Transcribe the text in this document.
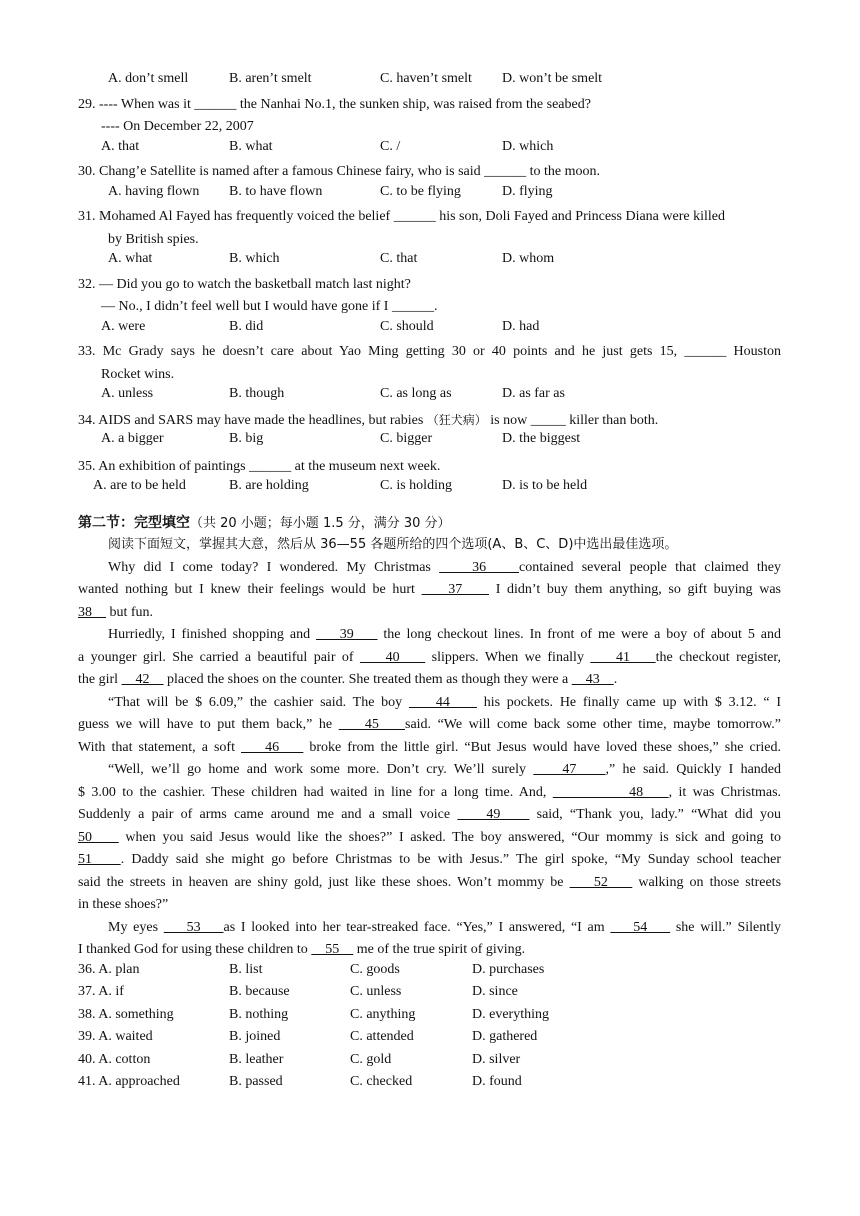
A. don’t smell	B. aren’t smelt	C. haven’t smelt D. won’t be smelt
29. ---- When was it ______ the Nanhai No.1, the sunken ship, was raised from the seabed?
---- On December 22, 2007
A. that	B. what	C. /	D. which
30. Chang’e Satellite is named after a famous Chinese fairy, who is said ______ to the moon.
A. having flown B. to have flown	C. to be flying	D. flying
31. Mohamed Al Fayed has frequently voiced the belief ______ his son, Doli Fayed and Princess Diana were killed
by British spies.
A. what	B. which	C. that	D. whom
32. — Did you go to watch the basketball match last night?
— No., I didn’t feel well but I would have gone if I ______.
A. were	B. did	C. should	D. had
33. Mc Grady says he doesn’t care about Yao Ming getting 30 or 40 points and he just gets 15, ______ Houston
Rocket wins.
A. unless	B. though	C. as long as	D. as far as
34. AIDS and SARS may have made the headlines, but rabies （狂犬病） is now _____ killer than both.
A. a bigger	B. big	C. bigger	D. the biggest
35. An exhibition of paintings ______ at the museum next week.
A. are to be held	B. are holding	C. is holding	D. is to be held
第二节：完型填空（共 20 小题；每小题 1.5 分，满分 30 分）
阅读下面短文，掌握其大意，然后从 36—55 各题所给的四个选项(A、B、C、D)中选出最佳选项。
Why did I come today? I wondered. My Christmas     36    contained several people that claimed they
wanted nothing but I knew their feelings would be hurt     37     I didn’t buy them anything, so gift buying was
38     but fun.
Hurriedly, I finished shopping and     39     the long checkout lines. In front of me were a boy of about 5 and
a younger girl. She carried a beautiful pair of     40     slippers. When we finally     41    the checkout register,
the girl     42     placed the shoes on the counter. She treated them as though they were a     43    .
“That will be $ 6.09,” the cashier said. The boy     44     his pockets. He finally came up with $ 3.12. “ I
guess we will have to put them back,” he     45    said. “We will come back some other time, maybe tomorrow.”
With that statement, a soft     46     broke from the little girl. “But Jesus would have loved these shoes,” she cried.
“Well, we’ll go home and work some more. Don’t cry. We’ll surely     47    ,” he said. Quickly I handed
$ 3.00 to the cashier. These children had waited in line for a long time. And,             48    , it was Christmas.
Suddenly a pair of arms came around me and a small voice     49     said, “Thank you, lady.” “What did you
50     when you said Jesus would like the shoes?” I asked. The boy answered, “Our mommy is sick and going to
51    . Daddy said she might go before Christmas to be with Jesus.” The girl spoke, “My Sunday school teacher
said the streets in heaven are shiny gold, just like these shoes. Won’t mommy be     52     walking on those streets
in these shoes?”
My eyes     53    as I looked into her tear-streaked face. “Yes,” I answered, “I am     54     she will.” Silently
I thanked God for using these children to     55     me of the true spirit of giving.
36. A. plan	B. list	C. goods	D. purchases
37. A. if	B. because	C. unless	D. since
38. A. something	B. nothing	C. anything	D. everything
39. A. waited	B. joined	C. attended	D. gathered
40. A. cotton	B. leather	C. gold	D. silver
41. A. approached	B. passed	C. checked	D. found
